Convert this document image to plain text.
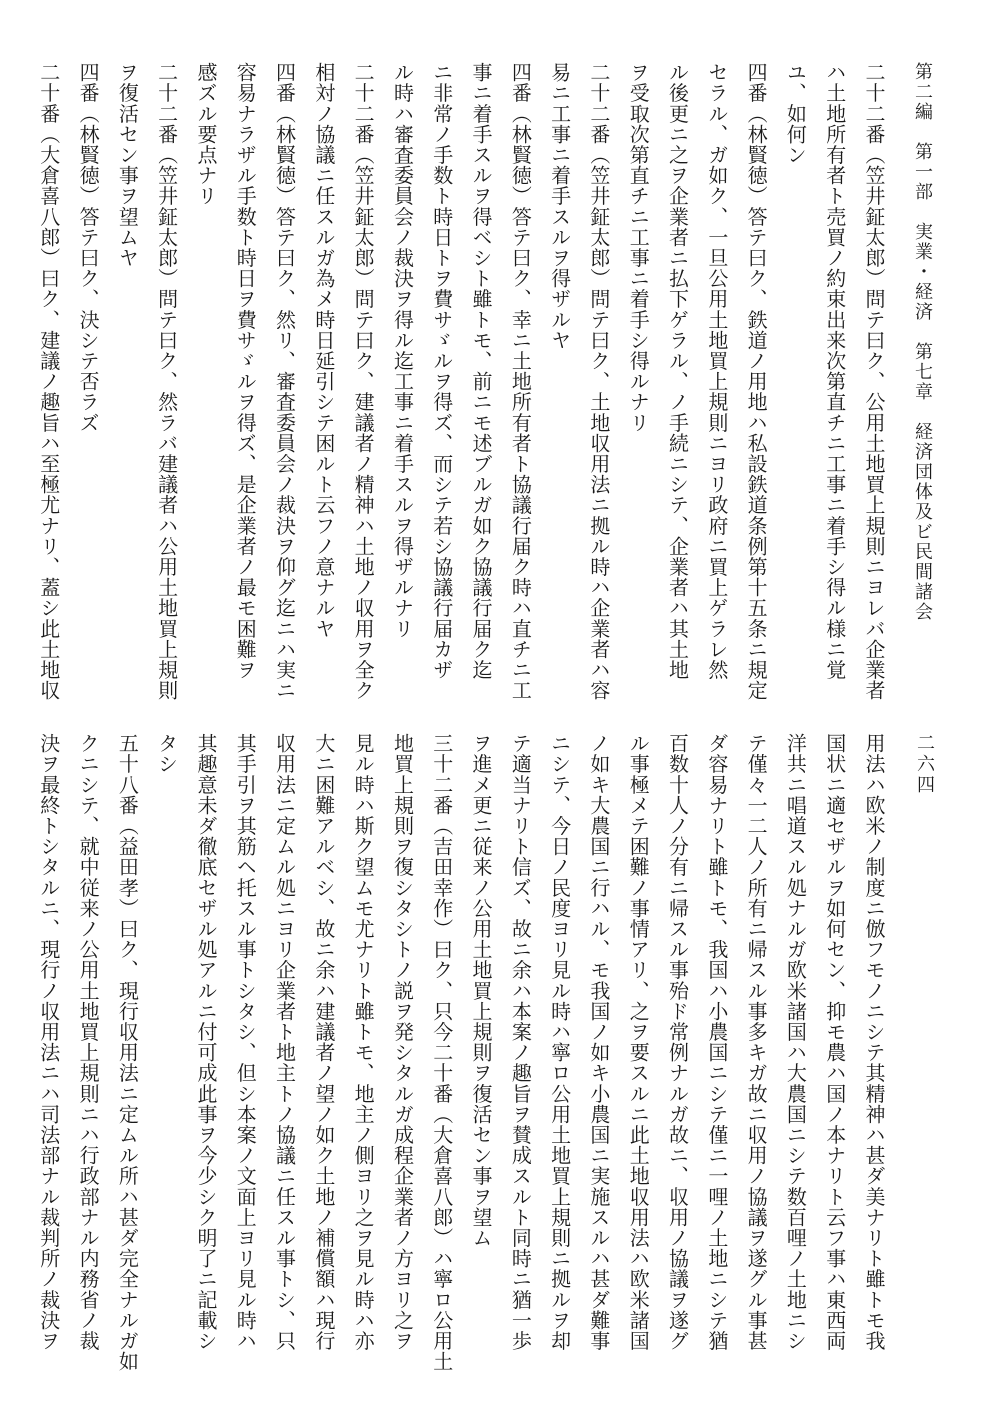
第二編　第一部　実業・経済　第七章　経済団体及ビ民間諸会
二六四
二十二番（笠井鉦太郎）問テ曰ク、公用土地買上規則ニヨレバ企業者
ハ土地所有者ト売買ノ約束出来次第直チニ工事ニ着手シ得ル様ニ覚
ユ、如何ン
四番（林賢徳）答テ曰ク、鉄道ノ用地ハ私設鉄道条例第十五条ニ規定
セラル、ガ如ク、一旦公用土地買上規則ニヨリ政府ニ買上ゲラレ然
ル後更ニ之ヲ企業者ニ払下ゲラル、ノ手続ニシテ、企業者ハ其土地
ヲ受取次第直チニ工事ニ着手シ得ルナリ
二十二番（笠井鉦太郎）問テ曰ク、土地収用法ニ拠ル時ハ企業者ハ容
易ニ工事ニ着手スルヲ得ザルヤ
四番（林賢徳）答テ曰ク、幸ニ土地所有者ト協議行届ク時ハ直チニ工
事ニ着手スルヲ得ベシト雖トモ、前ニモ述ブルガ如ク協議行届ク迄
ニ非常ノ手数ト時日トヲ費サゞルヲ得ズ、而シテ若シ協議行届カザ
ル時ハ審査委員会ノ裁決ヲ得ル迄工事ニ着手スルヲ得ザルナリ
二十二番（笠井鉦太郎）問テ曰ク、建議者ノ精神ハ土地ノ収用ヲ全ク
相対ノ協議ニ任スルガ為メ時日延引シテ困ルト云フノ意ナルヤ
四番（林賢徳）答テ曰ク、然リ、審査委員会ノ裁決ヲ仰グ迄ニハ実ニ
容易ナラザル手数ト時日ヲ費サゞルヲ得ズ、是企業者ノ最モ困難ヲ
感ズル要点ナリ
二十二番（笠井鉦太郎）問テ曰ク、然ラバ建議者ハ公用土地買上規則
ヲ復活セン事ヲ望ムヤ
四番（林賢徳）答テ曰ク、決シテ否ラズ
二十番（大倉喜八郎）曰ク、建議ノ趣旨ハ至極尤ナリ、蓋シ此土地収
用法ハ欧米ノ制度ニ倣フモノニシテ其精神ハ甚ダ美ナリト雖トモ我
国状ニ適セザルヲ如何セン、抑モ農ハ国ノ本ナリト云フ事ハ東西両
洋共ニ唱道スル処ナルガ欧米諸国ハ大農国ニシテ数百哩ノ土地ニシ
テ僅々一二人ノ所有ニ帰スル事多キガ故ニ収用ノ協議ヲ遂グル事甚
ダ容易ナリト雖トモ、我国ハ小農国ニシテ僅ニ一哩ノ土地ニシテ猶
百数十人ノ分有ニ帰スル事殆ド常例ナルガ故ニ、収用ノ協議ヲ遂グ
ル事極メテ困難ノ事情アリ、之ヲ要スルニ此土地収用法ハ欧米諸国
ノ如キ大農国ニ行ハル、モ我国ノ如キ小農国ニ実施スルハ甚ダ難事
ニシテ、今日ノ民度ヨリ見ル時ハ寧ロ公用土地買上規則ニ拠ルヲ却
テ適当ナリト信ズ、故ニ余ハ本案ノ趣旨ヲ賛成スルト同時ニ猶一歩
ヲ進メ更ニ従来ノ公用土地買上規則ヲ復活セン事ヲ望ム
三十二番（吉田幸作）曰ク、只今二十番（大倉喜八郎）ハ寧ロ公用土
地買上規則ヲ復シタシトノ説ヲ発シタルガ成程企業者ノ方ヨリ之ヲ
見ル時ハ斯ク望ムモ尤ナリト雖トモ、地主ノ側ヨリ之ヲ見ル時ハ亦
大ニ困難アルベシ、故ニ余ハ建議者ノ望ノ如ク土地ノ補償額ハ現行
収用法ニ定ムル処ニヨリ企業者ト地主トノ協議ニ任スル事トシ、只
其手引ヲ其筋ヘ托スル事トシタシ、但シ本案ノ文面上ヨリ見ル時ハ
其趣意未ダ徹底セザル処アルニ付可成此事ヲ今少シク明了ニ記載シ
タシ
五十八番（益田孝）曰ク、現行収用法ニ定ムル所ハ甚ダ完全ナルガ如
クニシテ、就中従来ノ公用土地買上規則ニハ行政部ナル内務省ノ裁
決ヲ最終トシタルニ、現行ノ収用法ニハ司法部ナル裁判所ノ裁決ヲ
